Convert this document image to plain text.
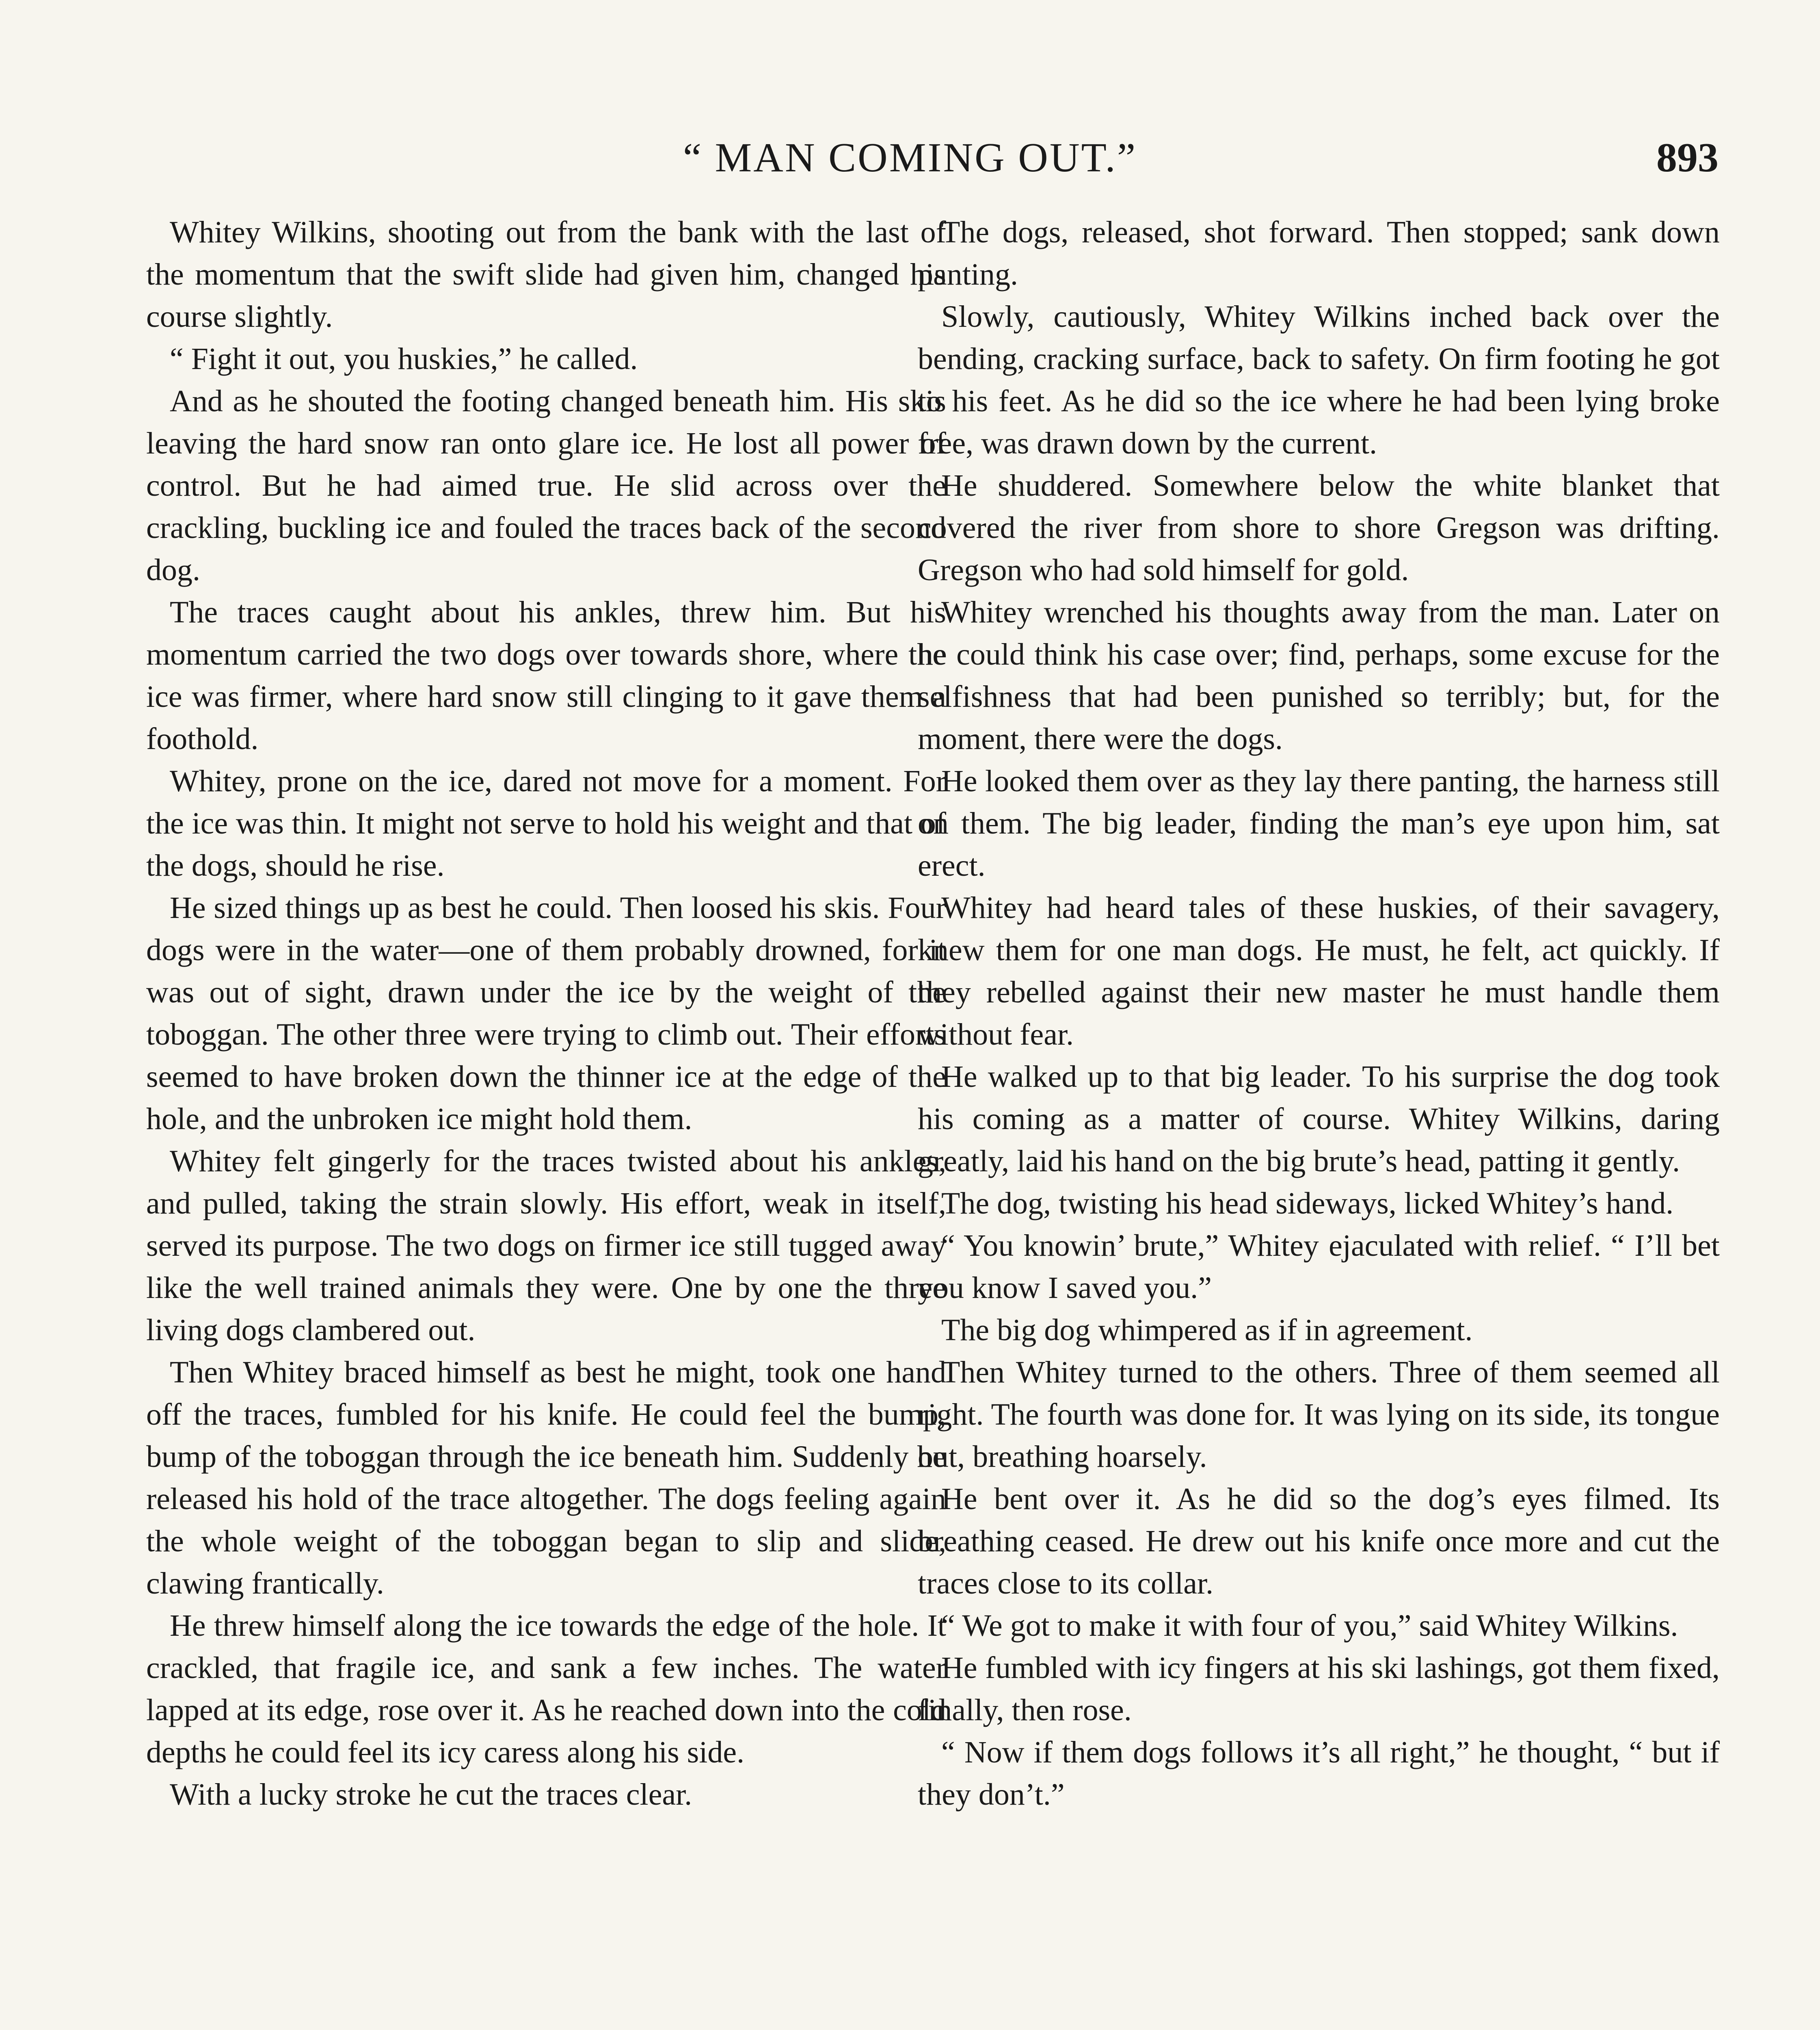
“ MAN COMING OUT.”	893

Whitey Wilkins, shooting out from the bank with the last of the momentum that the swift slide had given him, changed his course slightly.

“ Fight it out, you huskies,” he called.

And as he shouted the footing changed beneath him. His skis leaving the hard snow ran onto glare ice. He lost all power of control. But he had aimed true. He slid across over the crackling, buckling ice and fouled the traces back of the second dog.

The traces caught about his ankles, threw him. But his momentum carried the two dogs over towards shore, where the ice was firmer, where hard snow still clinging to it gave them a foothold.

Whitey, prone on the ice, dared not move for a moment. For the ice was thin. It might not serve to hold his weight and that of the dogs, should he rise.

He sized things up as best he could. Then loosed his skis. Four dogs were in the water—one of them probably drowned, for it was out of sight, drawn under the ice by the weight of the toboggan. The other three were trying to climb out. Their efforts seemed to have broken down the thinner ice at the edge of the hole, and the unbroken ice might hold them.

Whitey felt gingerly for the traces twisted about his ankles, and pulled, taking the strain slowly. His effort, weak in itself, served its purpose. The two dogs on firmer ice still tugged away like the well trained animals they were. One by one the three living dogs clambered out.

Then Whitey braced himself as best he might, took one hand off the traces, fumbled for his knife. He could feel the bump, bump of the toboggan through the ice beneath him. Suddenly he released his hold of the trace altogether. The dogs feeling again the whole weight of the toboggan began to slip and slide, clawing frantically.

He threw himself along the ice towards the edge of the hole. It crackled, that fragile ice, and sank a few inches. The water lapped at its edge, rose over it. As he reached down into the cold depths he could feel its icy caress along his side.

With a lucky stroke he cut the traces clear.

The dogs, released, shot forward. Then stopped; sank down panting.

Slowly, cautiously, Whitey Wilkins inched back over the bending, cracking surface, back to safety. On firm footing he got to his feet. As he did so the ice where he had been lying broke free, was drawn down by the current.

He shuddered. Somewhere below the white blanket that covered the river from shore to shore Gregson was drifting. Gregson who had sold himself for gold.

Whitey wrenched his thoughts away from the man. Later on he could think his case over; find, perhaps, some excuse for the selfishness that had been punished so terribly; but, for the moment, there were the dogs.

He looked them over as they lay there panting, the harness still on them. The big leader, finding the man’s eye upon him, sat erect.

Whitey had heard tales of these huskies, of their savagery, knew them for one man dogs. He must, he felt, act quickly. If they rebelled against their new master he must handle them without fear.

He walked up to that big leader. To his surprise the dog took his coming as a matter of course. Whitey Wilkins, daring greatly, laid his hand on the big brute’s head, patting it gently.

The dog, twisting his head sideways, licked Whitey’s hand.

“ You knowin’ brute,” Whitey ejaculated with relief. “ I’ll bet you know I saved you.”

The big dog whimpered as if in agreement.

Then Whitey turned to the others. Three of them seemed all right. The fourth was done for. It was lying on its side, its tongue out, breathing hoarsely.

He bent over it. As he did so the dog’s eyes filmed. Its breathing ceased. He drew out his knife once more and cut the traces close to its collar.

“ We got to make it with four of you,” said Whitey Wilkins.

He fumbled with icy fingers at his ski lashings, got them fixed, finally, then rose.

“ Now if them dogs follows it’s all right,” he thought, “ but if they don’t.”
